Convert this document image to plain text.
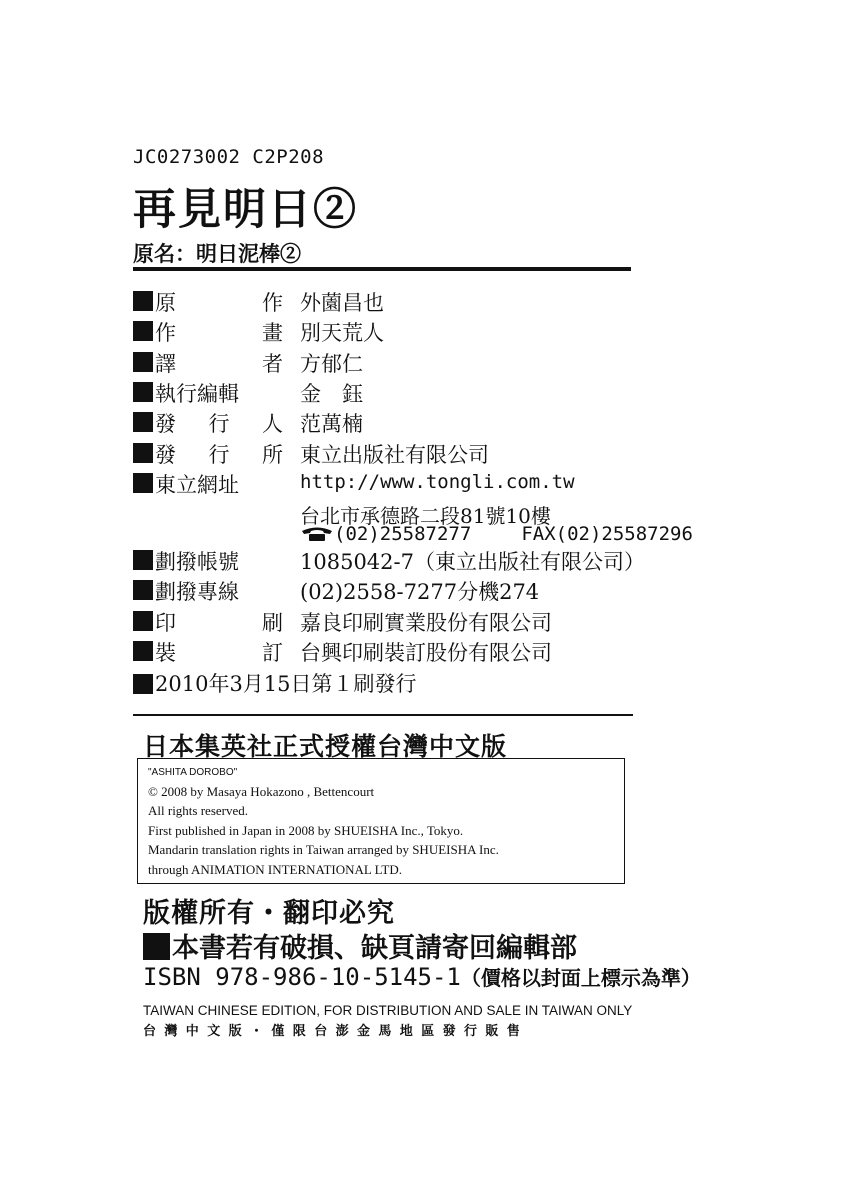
JC0273002 C2P208
再見明日②
原名：明日泥棒②
原	作 外薗昌也
作	畫 別天荒人
譯	者 方郁仁
執行編輯	金　鈺
發 行 人 范萬楠
發 行 所 東立出版社有限公司
東立網址	http://www.tongli.com.tw
台北市承德路二段81號10樓
(02)25587277	FAX(02)25587296
劃撥帳號	1085042-7（東立出版社有限公司）
劃撥專線	(02)2558-7277分機274
印	刷 嘉良印刷實業股份有限公司
裝	訂 台興印刷裝訂股份有限公司
2010年3月15日第１刷發行
日本集英社正式授權台灣中文版
"ASHITA DOROBO"
© 2008 by Masaya Hokazono , Bettencourt
All rights reserved.
First published in Japan in 2008 by SHUEISHA Inc., Tokyo.
Mandarin translation rights in Taiwan arranged by SHUEISHA Inc.
through ANIMATION INTERNATIONAL LTD.
版權所有・翻印必究
本書若有破損、缺頁請寄回編輯部
ISBN 978-986-10-5145-1（價格以封面上標示為準）
TAIWAN CHINESE EDITION, FOR DISTRIBUTION AND SALE IN TAIWAN ONLY
台灣中文版・僅限台澎金馬地區發行販售
